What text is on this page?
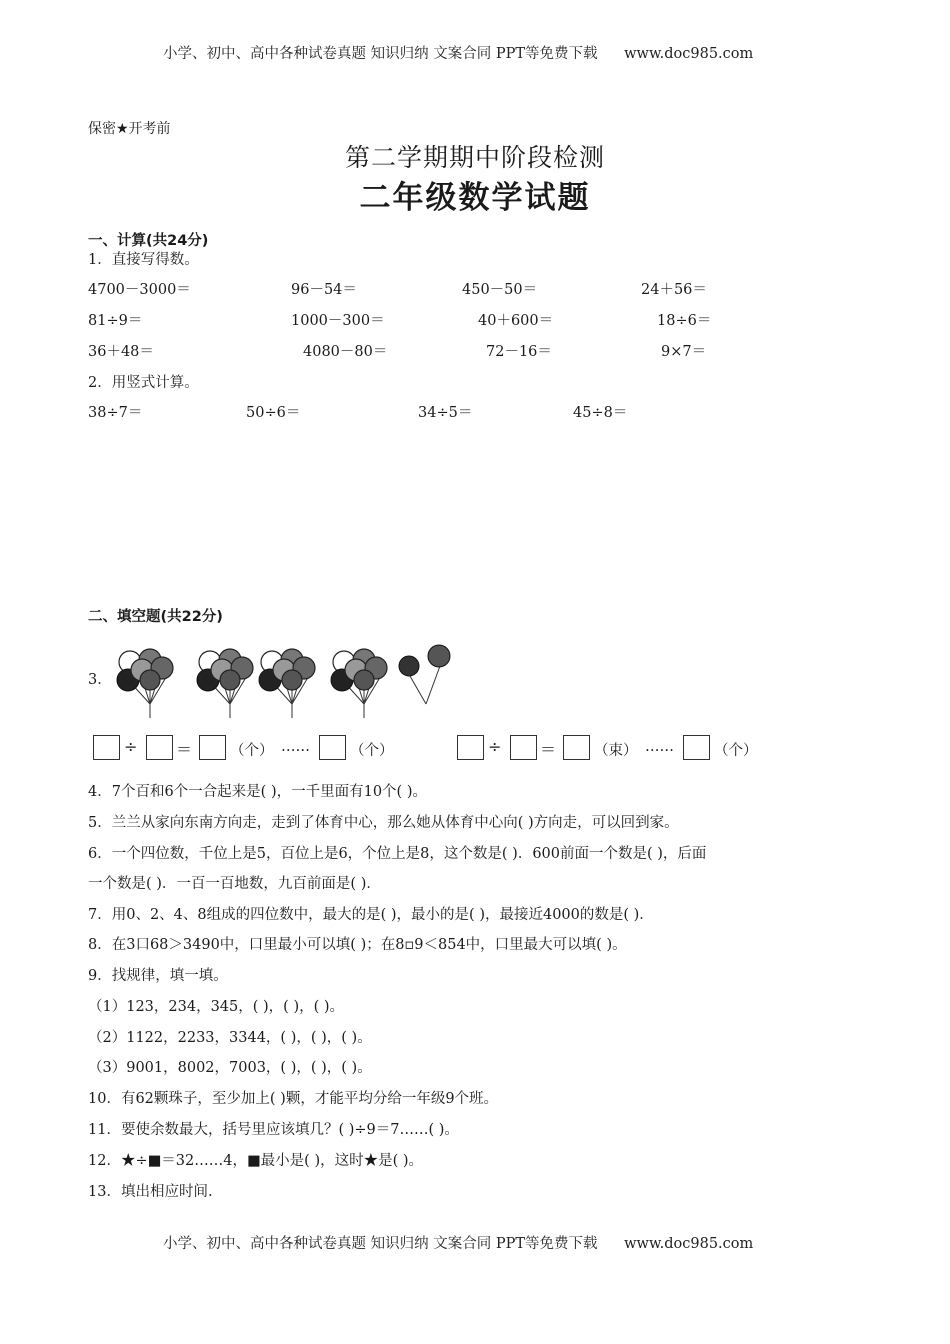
小学、初中、高中各种试卷真题 知识归纳 文案合同 PPT等免费下载 www.doc985.com
保密★开考前
第二学期期中阶段检测
二年级数学试题
一、计算(共24分)
1．直接写得数。
4700－3000＝	96－54＝	450－50＝	24＋56＝
81÷9＝	1000－300＝	40＋600＝	18÷6＝
36＋48＝	4080－80＝	72－16＝	9×7＝
2．用竖式计算。
38÷7＝	50÷6＝	34÷5＝	45÷8＝
二、填空题(共22分)
3．
÷ ＝	（个） ……	（个）	÷ ＝	（束） ……	（个）
4．7个百和6个一合起来是( )，一千里面有10个( )。
5．兰兰从家向东南方向走，走到了体育中心，那么她从体育中心向( )方向走，可以回到家。
6．一个四位数，千位上是5，百位上是6，个位上是8，这个数是( )．600前面一个数是( )，后面
一个数是( )．一百一百地数，九百前面是( )．
7．用0、2、4、8组成的四位数中，最大的是( )，最小的是( )，最接近4000的数是( )．
8．在3口68＞3490中，口里最小可以填( )；在8▫9＜854中，口里最大可以填( )。
9．找规律，填一填。
（1）123，234，345，( )，( )，( )。
（2）1122，2233，3344，( )，( )，( )。
（3）9001，8002，7003，( )，( )，( )。
10．有62颗珠子，至少加上( )颗，才能平均分给一年级9个班。
11．要使余数最大，括号里应该填几？( )÷9＝7……( )。
12．★÷■＝32……4，■最小是( )，这时★是( )。
13．填出相应时间.
小学、初中、高中各种试卷真题 知识归纳 文案合同 PPT等免费下载 www.doc985.com
